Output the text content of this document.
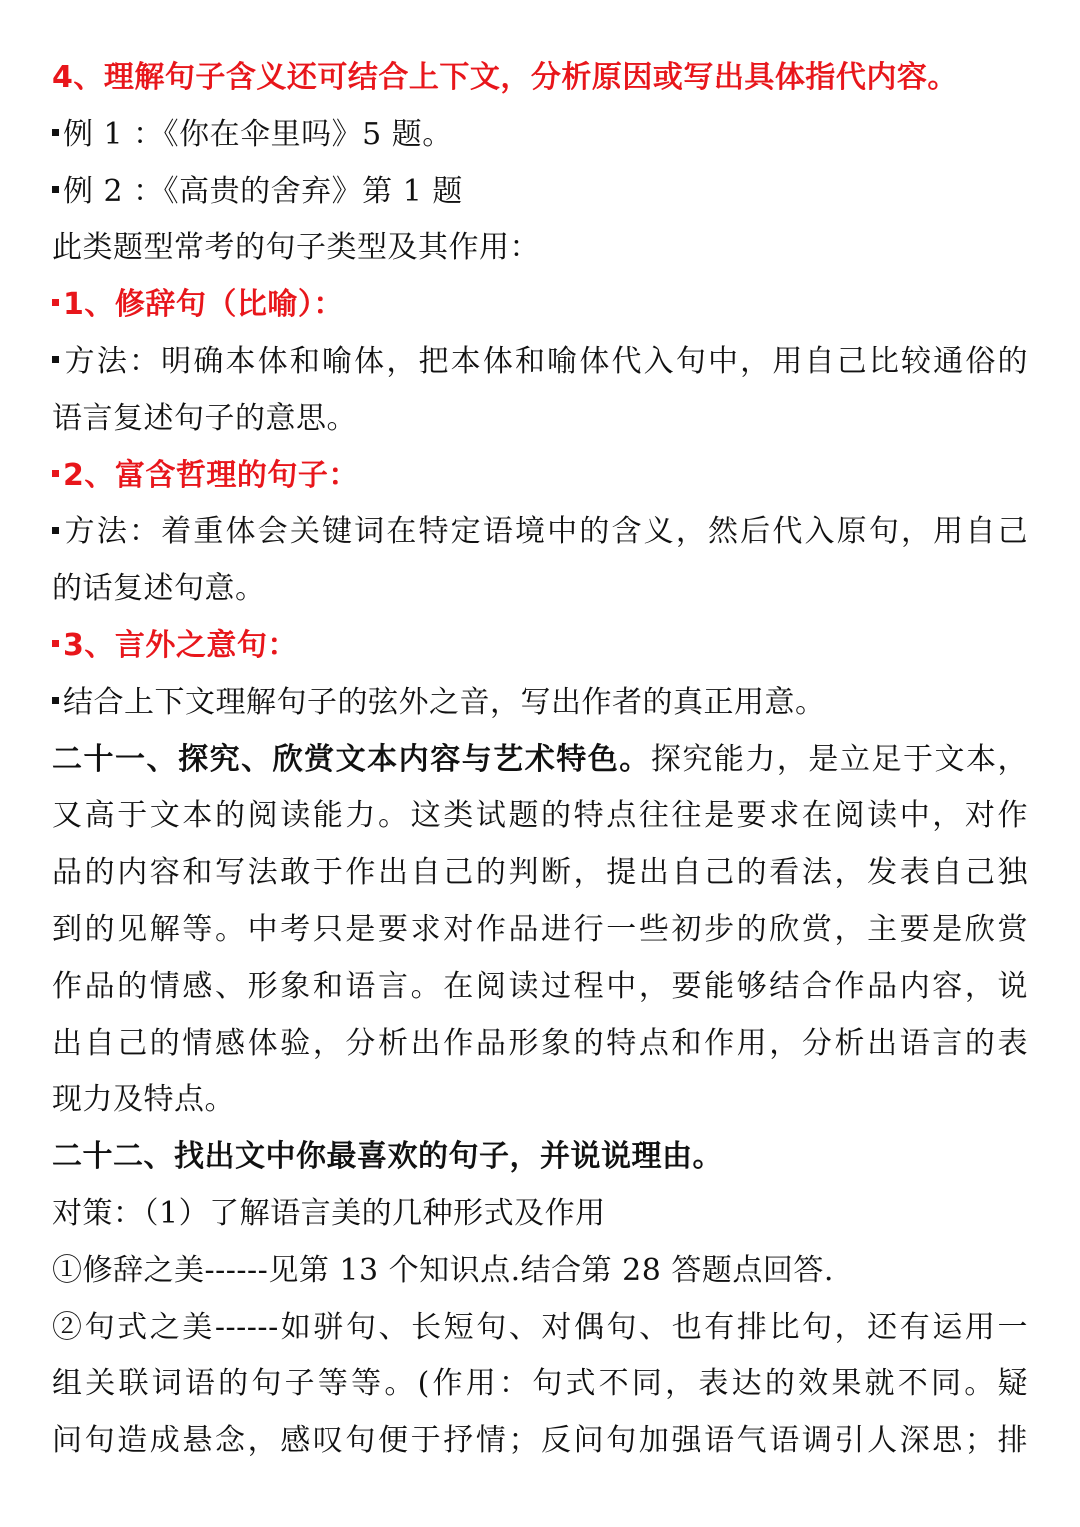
4、理解句子含义还可结合上下文，分析原因或写出具体指代内容。
例 1 ：《你在伞里吗》5 题。
例 2 ：《高贵的舍弃》第 1 题
此类题型常考的句子类型及其作用：
1、修辞句（比喻）：
方法：明确本体和喻体，把本体和喻体代入句中，用自己比较通俗的
语言复述句子的意思。
2、富含哲理的句子：
方法：着重体会关键词在特定语境中的含义，然后代入原句，用自己
的话复述句意。
3、言外之意句：
结合上下文理解句子的弦外之音，写出作者的真正用意。
二十一、探究、欣赏文本内容与艺术特色。探究能力，是立足于文本，
又高于文本的阅读能力。这类试题的特点往往是要求在阅读中，对作
品的内容和写法敢于作出自己的判断，提出自己的看法，发表自己独
到的见解等。中考只是要求对作品进行一些初步的欣赏，主要是欣赏
作品的情感、形象和语言。在阅读过程中，要能够结合作品内容，说
出自己的情感体验，分析出作品形象的特点和作用，分析出语言的表
现力及特点。
二十二、找出文中你最喜欢的句子，并说说理由。
对策：（1）了解语言美的几种形式及作用
①修辞之美------见第 13 个知识点.结合第 28 答题点回答.
②句式之美------如骈句、长短句、对偶句、也有排比句，还有运用一
组关联词语的句子等等。(作用：句式不同，表达的效果就不同。疑
问句造成悬念，感叹句便于抒情；反问句加强语气语调引人深思；排
